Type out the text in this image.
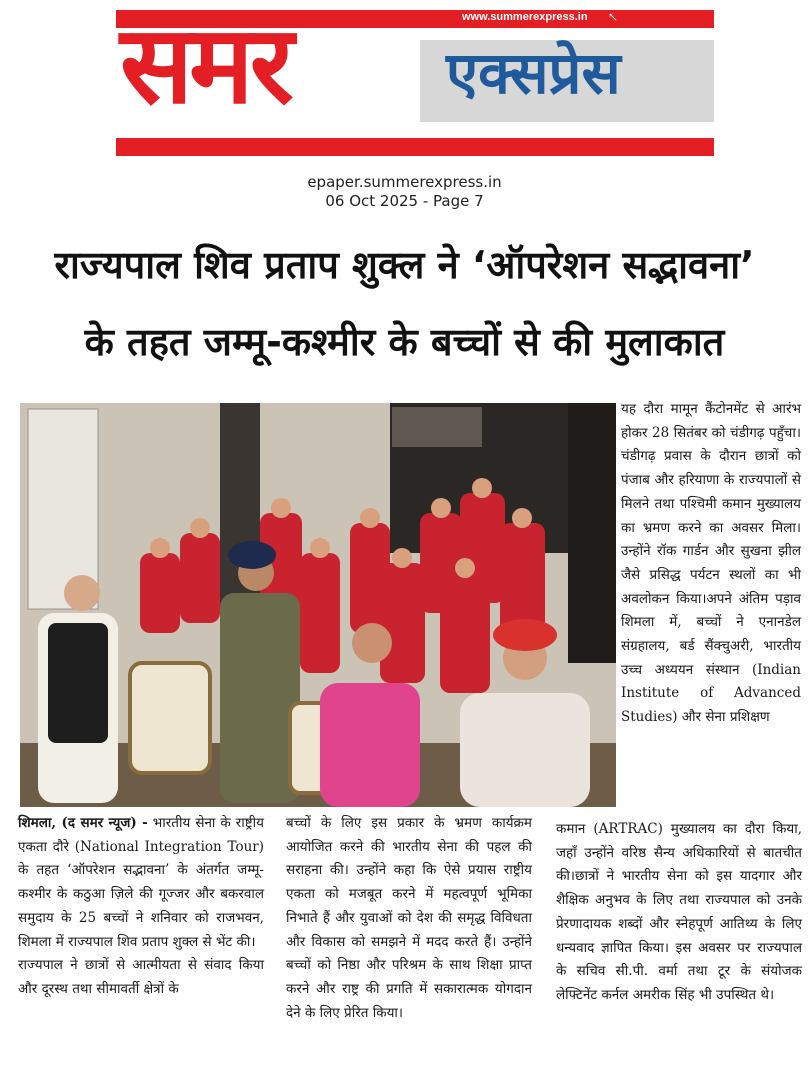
www.summerexpress.in ↖
समर	एक्सप्रेस
epaper.summerexpress.in
06 Oct 2025 - Page 7
राज्यपाल शिव प्रताप शुक्ल ने ‘ऑपरेशन सद्भावना’
के तहत जम्मू-कश्मीर के बच्चों से की मुलाकात

यह दौरा मामून कैंटोनमेंट से आरंभ होकर 28 सितंबर को चंडीगढ़ पहुँचा। चंडीगढ़ प्रवास के दौरान छात्रों को पंजाब और हरियाणा के राज्यपालों से मिलने तथा पश्चिमी कमान मुख्यालय का भ्रमण करने का अवसर मिला। उन्होंने रॉक गार्डन और सुखना झील जैसे प्रसिद्ध पर्यटन स्थलों का भी अवलोकन किया।अपने अंतिम पड़ाव शिमला में, बच्चों ने एनानडेल संग्रहालय, बर्ड सैंक्चुअरी, भारतीय उच्च अध्ययन संस्थान (Indian Institute of Advanced Studies) और सेना प्रशिक्षण

शिमला, (द समर न्यूज) - भारतीय सेना के राष्ट्रीय एकता दौरे (National Integration Tour) के तहत ‘ऑपरेशन सद्भावना’ के अंतर्गत जम्मू-कश्मीर के कठुआ ज़िले की गूज्जर और बकरवाल समुदाय के 25 बच्चों ने शनिवार को राजभवन, शिमला में राज्यपाल शिव प्रताप शुक्ल से भेंट की।

राज्यपाल ने छात्रों से आत्मीयता से संवाद किया और दूरस्थ तथा सीमावर्ती क्षेत्रों के

बच्चों के लिए इस प्रकार के भ्रमण कार्यक्रम आयोजित करने की भारतीय सेना की पहल की सराहना की। उन्होंने कहा कि ऐसे प्रयास राष्ट्रीय एकता को मजबूत करने में महत्वपूर्ण भूमिका निभाते हैं और युवाओं को देश की समृद्ध विविधता और विकास को समझने में मदद करते हैं। उन्होंने बच्चों को निष्ठा और परिश्रम के साथ शिक्षा प्राप्त करने और राष्ट्र की प्रगति में सकारात्मक योगदान देने के लिए प्रेरित किया।

कमान (ARTRAC) मुख्यालय का दौरा किया, जहाँ उन्होंने वरिष्ठ सैन्य अधिकारियों से बातचीत की।छात्रों ने भारतीय सेना को इस यादगार और शैक्षिक अनुभव के लिए तथा राज्यपाल को उनके प्रेरणादायक शब्दों और स्नेहपूर्ण आतिथ्य के लिए धन्यवाद ज्ञापित किया। इस अवसर पर राज्यपाल के सचिव सी.पी. वर्मा तथा टूर के संयोजक लेफ्टिनेंट कर्नल अमरीक सिंह भी उपस्थित थे।
